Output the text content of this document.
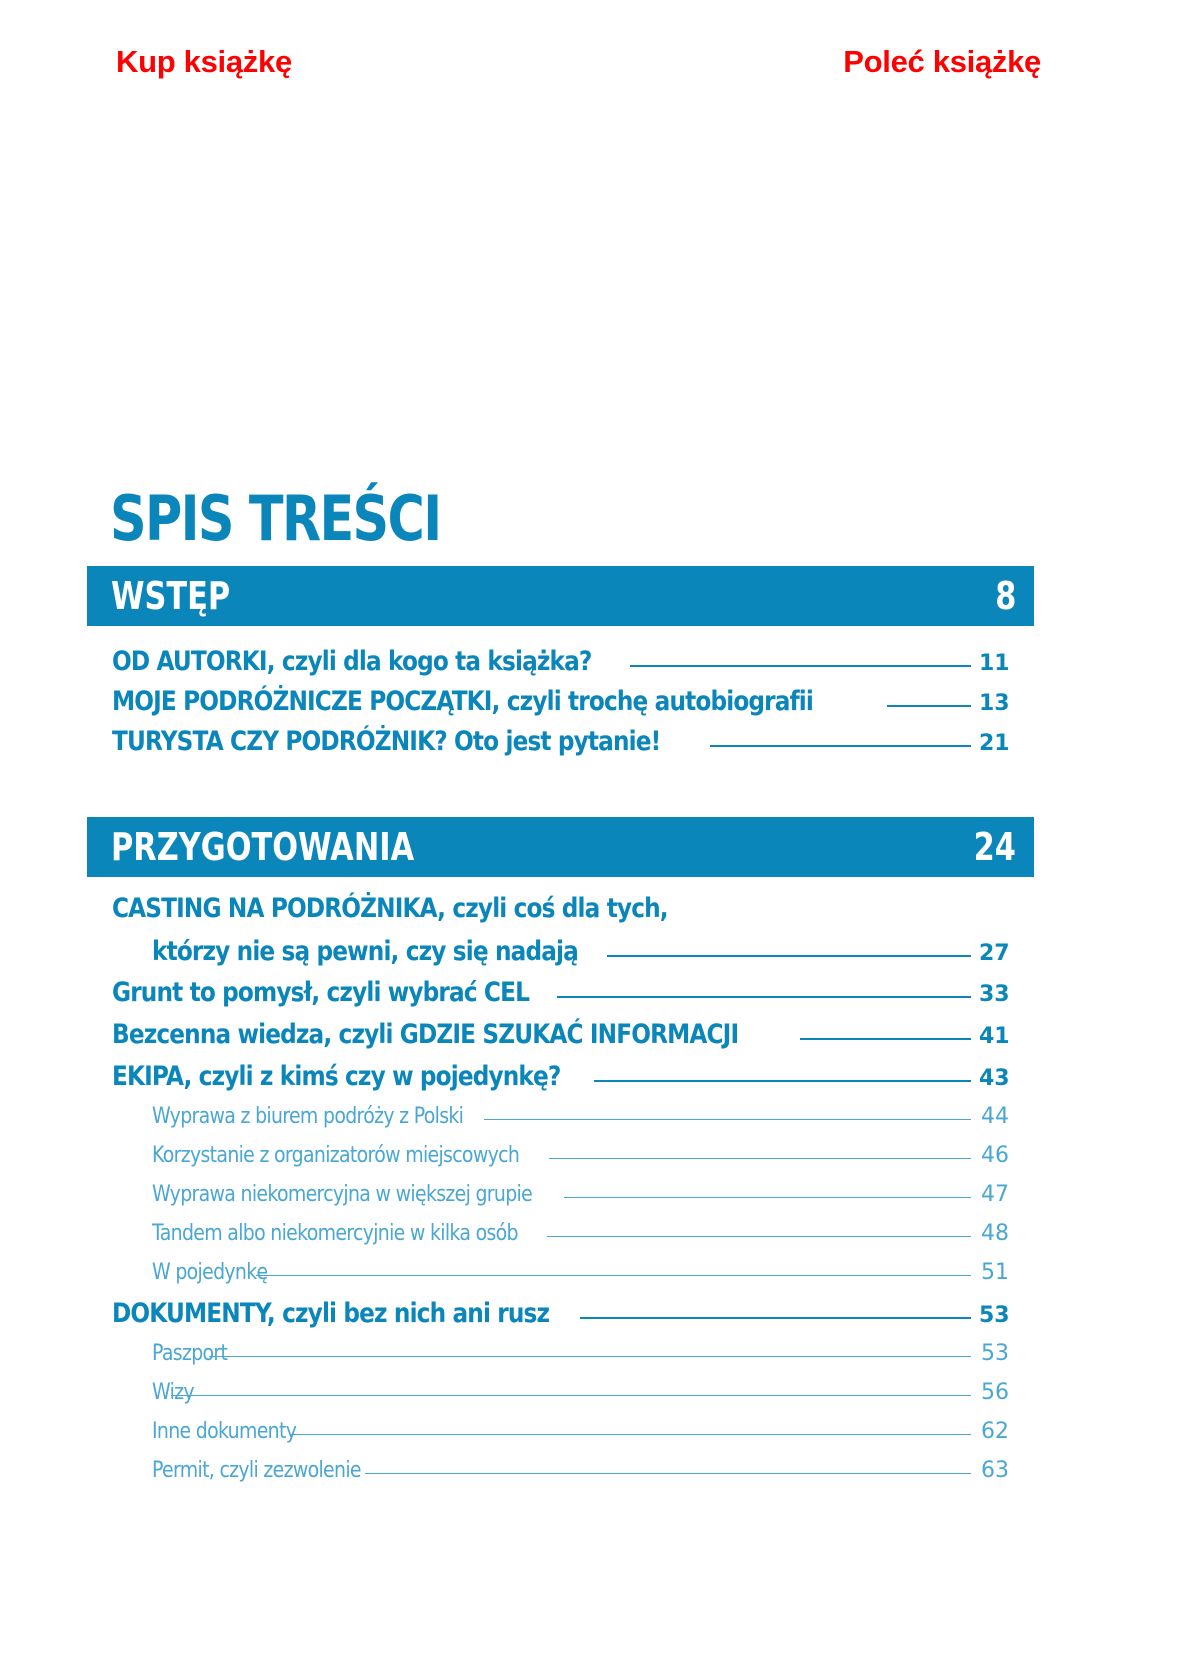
Kup książkę	Poleć książkę
SPIS TREŚCI
WSTĘP	8
OD AUTORKI, czyli dla kogo ta książka?	11
MOJE PODRÓŻNICZE POCZĄTKI, czyli trochę autobiografii	13
TURYSTA CZY PODRÓŻNIK? Oto jest pytanie!	21
PRZYGOTOWANIA	24
CASTING NA PODRÓŻNIKA, czyli coś dla tych,
którzy nie są pewni, czy się nadają	27
Grunt to pomysł, czyli wybrać CEL	33
Bezcenna wiedza, czyli GDZIE SZUKAĆ INFORMACJI	41
EKIPA, czyli z kimś czy w pojedynkę?	43
Wyprawa z biurem podróży z Polski	44
Korzystanie z organizatorów miejscowych	46
Wyprawa niekomercyjna w większej grupie	47
Tandem albo niekomercyjnie w kilka osób	48
W pojedynkę	51
DOKUMENTY, czyli bez nich ani rusz	53
Paszport	53
Wizy	56
Inne dokumenty	62
Permit, czyli zezwolenie	63
